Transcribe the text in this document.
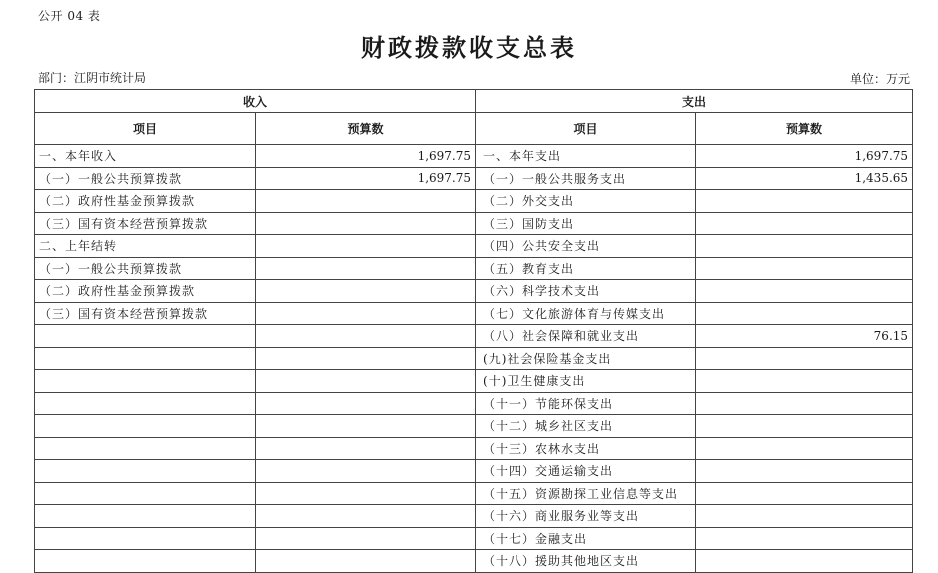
公开 04 表
财政拨款收支总表
部门：江阴市统计局	单位：万元
收入		支出	
项目	预算数	项目	预算数
一、本年收入	1,697.75	一、本年支出	1,697.75
（一）一般公共预算拨款	1,697.75	（一）一般公共服务支出	1,435.65
（二）政府性基金预算拨款		（二）外交支出	
（三）国有资本经营预算拨款		（三）国防支出	
二、上年结转		（四）公共安全支出	
（一）一般公共预算拨款		（五）教育支出	
（二）政府性基金预算拨款		（六）科学技术支出	
（三）国有资本经营预算拨款		（七）文化旅游体育与传媒支出	
		（八）社会保障和就业支出	76.15
		(九)社会保险基金支出	
		(十)卫生健康支出	
		（十一）节能环保支出	
		（十二）城乡社区支出	
		（十三）农林水支出	
		（十四）交通运输支出	
		（十五）资源勘探工业信息等支出	
		（十六）商业服务业等支出	
		（十七）金融支出	
		（十八）援助其他地区支出	
